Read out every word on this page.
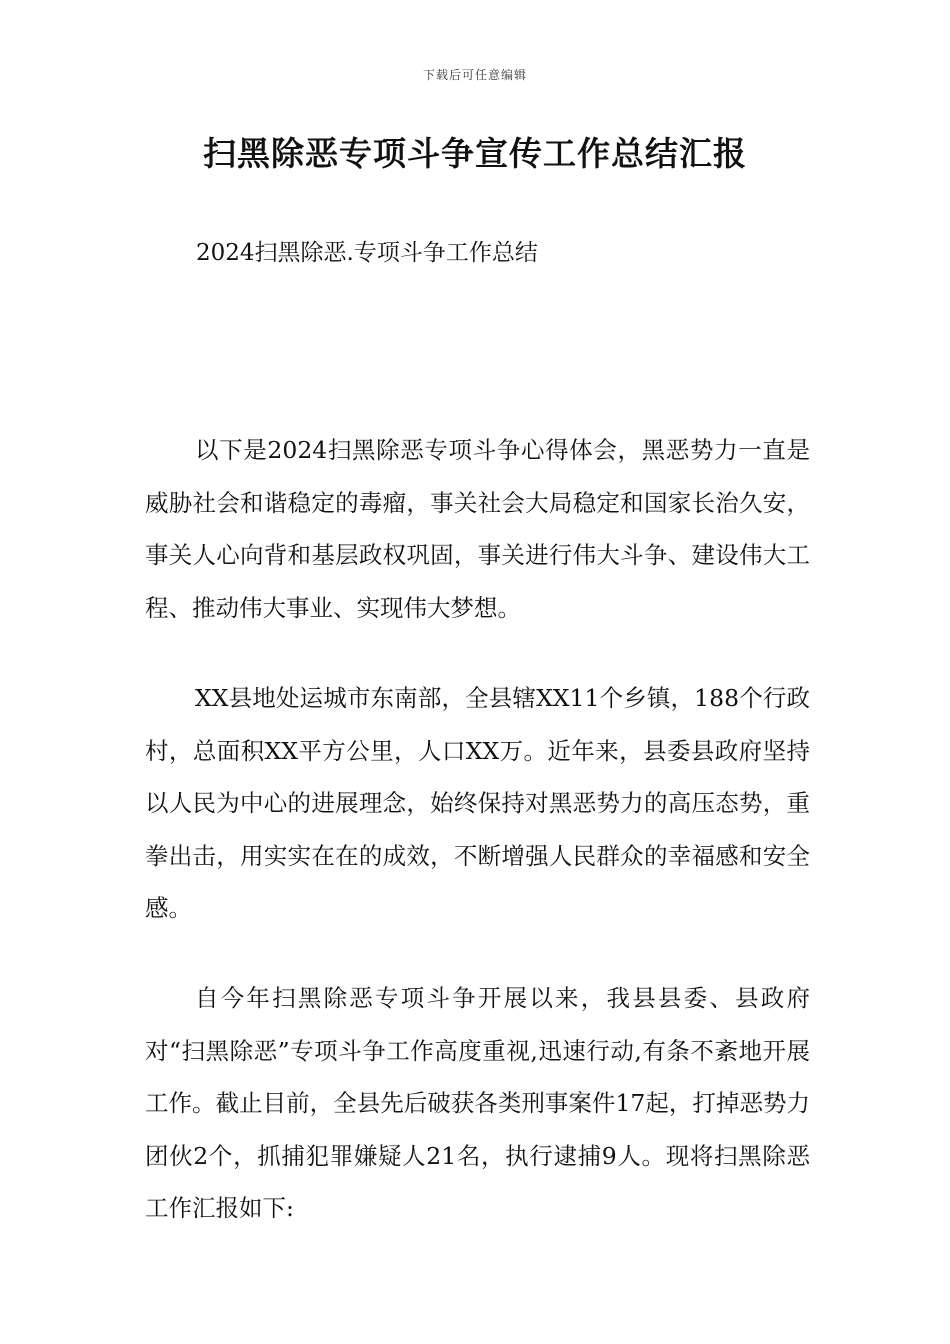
下载后可任意编辑
扫黑除恶专项斗争宣传工作总结汇报

2024扫黑除恶.专项斗争工作总结

以下是2024扫黑除恶专项斗争心得体会，黑恶势力一直是威胁社会和谐稳定的毒瘤，事关社会大局稳定和国家长治久安，事关人心向背和基层政权巩固，事关进行伟大斗争、建设伟大工程、推动伟大事业、实现伟大梦想。

XX县地处运城市东南部，全县辖XX11个乡镇，188个行政村，总面积XX平方公里，人口XX万。近年来，县委县政府坚持以人民为中心的进展理念，始终保持对黑恶势力的高压态势，重拳出击，用实实在在的成效，不断增强人民群众的幸福感和安全感。

自今年扫黑除恶专项斗争开展以来，我县县委、县政府对“扫黑除恶”专项斗争工作高度重视,迅速行动,有条不紊地开展工作。截止目前，全县先后破获各类刑事案件17起，打掉恶势力团伙2个，抓捕犯罪嫌疑人21名，执行逮捕9人。现将扫黑除恶工作汇报如下:
